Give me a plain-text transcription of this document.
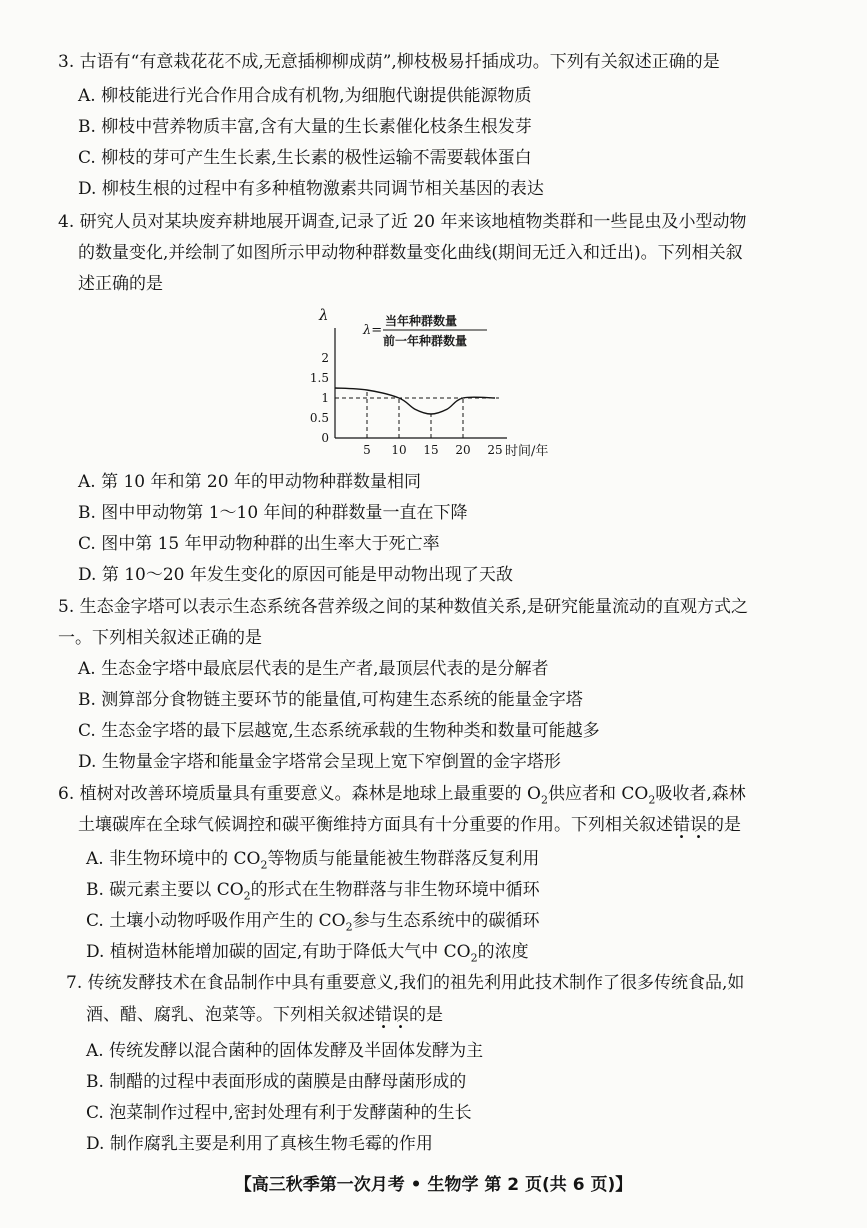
3. 古语有“有意栽花花不成,无意插柳柳成荫”,柳枝极易扦插成功。下列有关叙述正确的是
A. 柳枝能进行光合作用合成有机物,为细胞代谢提供能源物质
B. 柳枝中营养物质丰富,含有大量的生长素催化枝条生根发芽
C. 柳枝的芽可产生生长素,生长素的极性运输不需要载体蛋白
D. 柳枝生根的过程中有多种植物激素共同调节相关基因的表达
4. 研究人员对某块废弃耕地展开调查,记录了近 20 年来该地植物类群和一些昆虫及小型动物
的数量变化,并绘制了如图所示甲动物种群数量变化曲线(期间无迁入和迁出)。下列相关叙
述正确的是
5 10 15 20 25
0
0.5
1
1.5
2
λ
时间/年
λ=
当年种群数量
前一年种群数量
A. 第 10 年和第 20 年的甲动物种群数量相同
B. 图中甲动物第 1～10 年间的种群数量一直在下降
C. 图中第 15 年甲动物种群的出生率大于死亡率
D. 第 10～20 年发生变化的原因可能是甲动物出现了天敌
5. 生态金字塔可以表示生态系统各营养级之间的某种数值关系,是研究能量流动的直观方式之
一。下列相关叙述正确的是
A. 生态金字塔中最底层代表的是生产者,最顶层代表的是分解者
B. 测算部分食物链主要环节的能量值,可构建生态系统的能量金字塔
C. 生态金字塔的最下层越宽,生态系统承载的生物种类和数量可能越多
D. 生物量金字塔和能量金字塔常会呈现上宽下窄倒置的金字塔形
6. 植树对改善环境质量具有重要意义。森林是地球上最重要的 $O_2$供应者和 $CO_2$吸收者,森林
土壤碳库在全球气候调控和碳平衡维持方面具有十分重要的作用。下列相关叙述错误的是
A. 非生物环境中的 $CO_2$等物质与能量能被生物群落反复利用
B. 碳元素主要以 $CO_2$的形式在生物群落与非生物环境中循环
C. 土壤小动物呼吸作用产生的 $CO_2$参与生态系统中的碳循环
D. 植树造林能增加碳的固定,有助于降低大气中 $CO_2$的浓度
7. 传统发酵技术在食品制作中具有重要意义,我们的祖先利用此技术制作了很多传统食品,如
酒、醋、腐乳、泡菜等。下列相关叙述错误的是
A. 传统发酵以混合菌种的固体发酵及半固体发酵为主
B. 制醋的过程中表面形成的菌膜是由酵母菌形成的
C. 泡菜制作过程中,密封处理有利于发酵菌种的生长
D. 制作腐乳主要是利用了真核生物毛霉的作用
【高三秋季第一次月考 • 生物学 第 2 页(共 6 页)】
